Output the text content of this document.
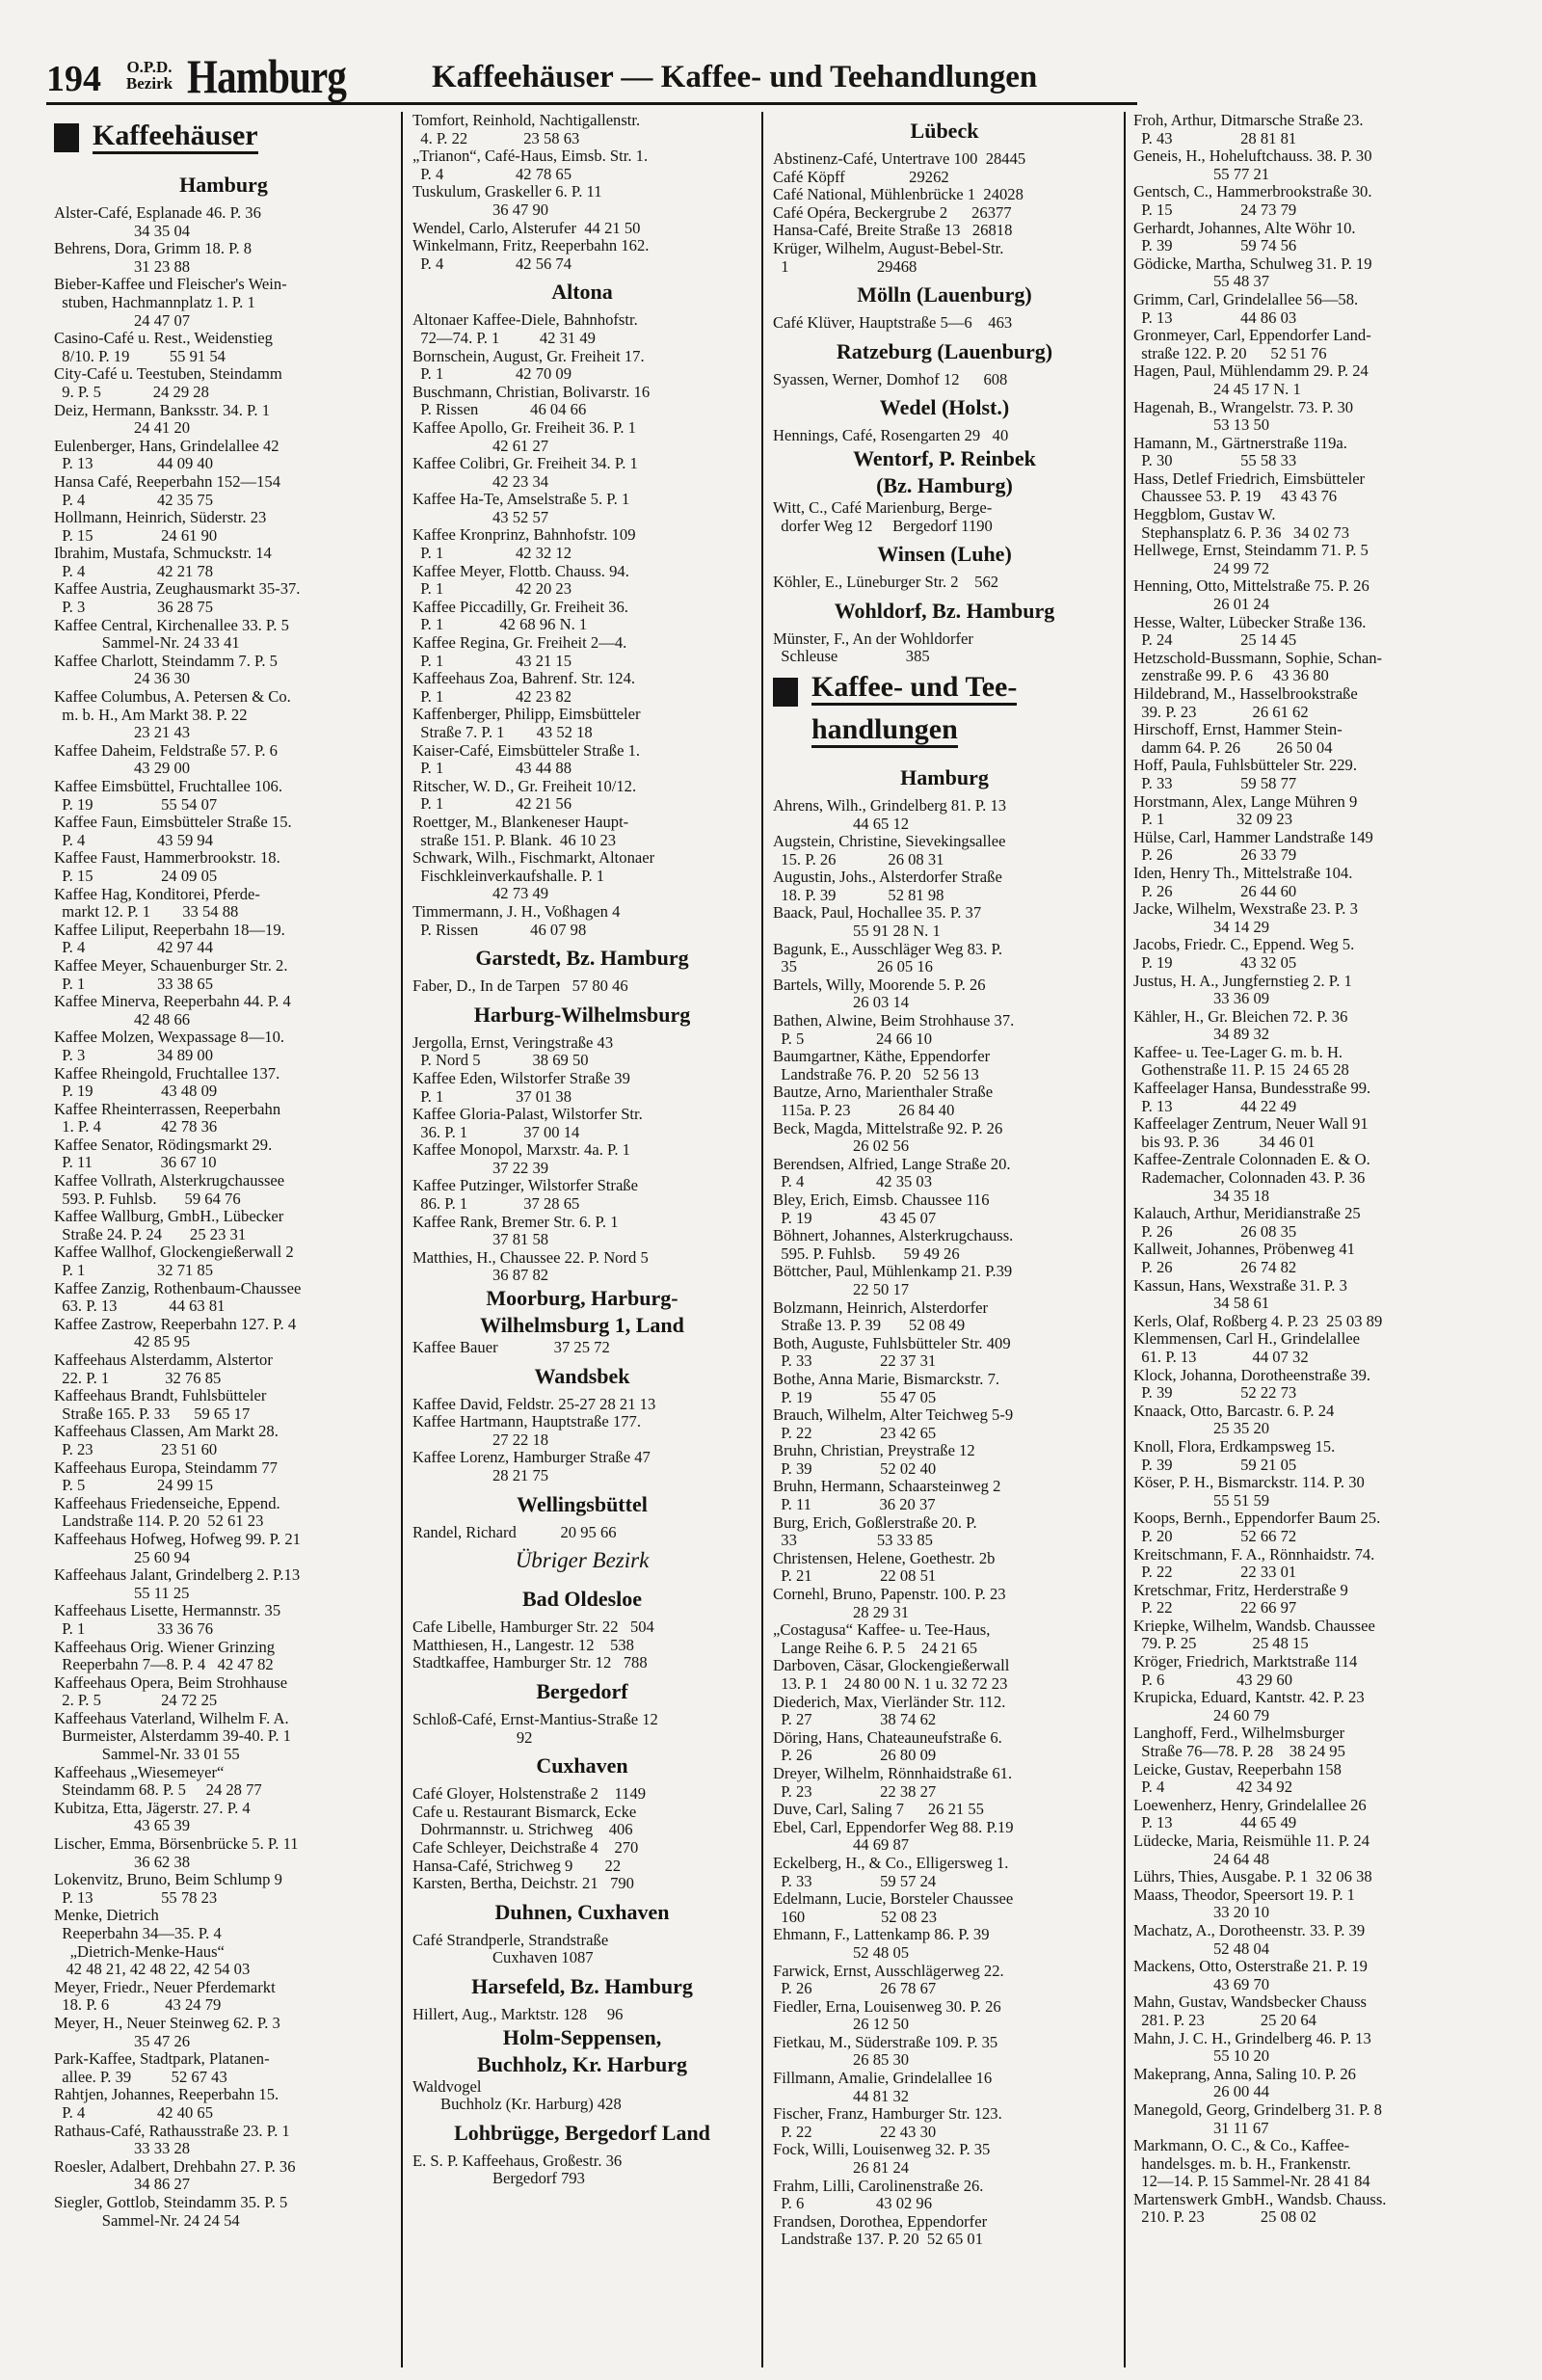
194	O.P.D. Bezirk Hamburg	Kaffeehäuser — Kaffee- und Teehandlungen
Kaffeehäuser
Hamburg
Alster-Café, Esplanade 46. P. 36
34 35 04
Behrens, Dora, Grimm 18. P. 8
31 23 88
Bieber-Kaffee und Fleischer's Wein-
stuben, Hachmannplatz 1. P. 1
24 47 07
Casino-Café u. Rest., Weidenstieg
8/10. P. 19          55 91 54
City-Café u. Teestuben, Steindamm
9. P. 5             24 29 28
Deiz, Hermann, Banksstr. 34. P. 1
24 41 20
Eulenberger, Hans, Grindelallee 42
P. 13                44 09 40
Hansa Café, Reeperbahn 152—154
P. 4                  42 35 75
Hollmann, Heinrich, Süderstr. 23
P. 15                 24 61 90
Ibrahim, Mustafa, Schmuckstr. 14
P. 4                  42 21 78
Kaffee Austria, Zeughausmarkt 35-37.
P. 3                  36 28 75
Kaffee Central, Kirchenallee 33. P. 5
Sammel-Nr. 24 33 41
Kaffee Charlott, Steindamm 7. P. 5
24 36 30
Kaffee Columbus, A. Petersen & Co.
m. b. H., Am Markt 38. P. 22
23 21 43
Kaffee Daheim, Feldstraße 57. P. 6
43 29 00
Kaffee Eimsbüttel, Fruchtallee 106.
P. 19                 55 54 07
Kaffee Faun, Eimsbütteler Straße 15.
P. 4                  43 59 94
Kaffee Faust, Hammerbrookstr. 18.
P. 15                 24 09 05
Kaffee Hag, Konditorei, Pferde-
markt 12. P. 1        33 54 88
Kaffee Liliput, Reeperbahn 18—19.
P. 4                  42 97 44
Kaffee Meyer, Schauenburger Str. 2.
P. 1                  33 38 65
Kaffee Minerva, Reeperbahn 44. P. 4
42 48 66
Kaffee Molzen, Wexpassage 8—10.
P. 3                  34 89 00
Kaffee Rheingold, Fruchtallee 137.
P. 19                 43 48 09
Kaffee Rheinterrassen, Reeperbahn
1. P. 4               42 78 36
Kaffee Senator, Rödingsmarkt 29.
P. 11                 36 67 10
Kaffee Vollrath, Alsterkrugchaussee
593. P. Fuhlsb.       59 64 76
Kaffee Wallburg, GmbH., Lübecker
Straße 24. P. 24       25 23 31
Kaffee Wallhof, Glockengießerwall 2
P. 1                  32 71 85
Kaffee Zanzig, Rothenbaum-Chaussee
63. P. 13             44 63 81
Kaffee Zastrow, Reeperbahn 127. P. 4
42 85 95
Kaffeehaus Alsterdamm, Alstertor
22. P. 1              32 76 85
Kaffeehaus Brandt, Fuhlsbütteler
Straße 165. P. 33      59 65 17
Kaffeehaus Classen, Am Markt 28.
P. 23                 23 51 60
Kaffeehaus Europa, Steindamm 77
P. 5                  24 99 15
Kaffeehaus Friedenseiche, Eppend.
Landstraße 114. P. 20  52 61 23
Kaffeehaus Hofweg, Hofweg 99. P. 21
25 60 94
Kaffeehaus Jalant, Grindelberg 2. P.13
55 11 25
Kaffeehaus Lisette, Hermannstr. 35
P. 1                  33 36 76
Kaffeehaus Orig. Wiener Grinzing
Reeperbahn 7—8. P. 4   42 47 82
Kaffeehaus Opera, Beim Strohhause
2. P. 5               24 72 25
Kaffeehaus Vaterland, Wilhelm F. A.
Burmeister, Alsterdamm 39-40. P. 1
Sammel-Nr. 33 01 55
Kaffeehaus „Wiesemeyer“
Steindamm 68. P. 5     24 28 77
Kubitza, Etta, Jägerstr. 27. P. 4
43 65 39
Lischer, Emma, Börsenbrücke 5. P. 11
36 62 38
Lokenvitz, Bruno, Beim Schlump 9
P. 13                 55 78 23
Menke, Dietrich
Reeperbahn 34—35. P. 4
„Dietrich-Menke-Haus“
42 48 21, 42 48 22, 42 54 03
Meyer, Friedr., Neuer Pferdemarkt
18. P. 6              43 24 79
Meyer, H., Neuer Steinweg 62. P. 3
35 47 26
Park-Kaffee, Stadtpark, Platanen-
allee. P. 39          52 67 43
Rahtjen, Johannes, Reeperbahn 15.
P. 4                  42 40 65
Rathaus-Café, Rathausstraße 23. P. 1
33 33 28
Roesler, Adalbert, Drehbahn 27. P. 36
34 86 27
Siegler, Gottlob, Steindamm 35. P. 5
Sammel-Nr. 24 24 54
Tomfort, Reinhold, Nachtigallenstr.
4. P. 22              23 58 63
„Trianon“, Café-Haus, Eimsb. Str. 1.
P. 4                  42 78 65
Tuskulum, Graskeller 6. P. 11
36 47 90
Wendel, Carlo, Alsterufer  44 21 50
Winkelmann, Fritz, Reeperbahn 162.
P. 4                  42 56 74
Altona
Altonaer Kaffee-Diele, Bahnhofstr.
72—74. P. 1          42 31 49
Bornschein, August, Gr. Freiheit 17.
P. 1                  42 70 09
Buschmann, Christian, Bolivarstr. 16
P. Rissen             46 04 66
Kaffee Apollo, Gr. Freiheit 36. P. 1
42 61 27
Kaffee Colibri, Gr. Freiheit 34. P. 1
42 23 34
Kaffee Ha-Te, Amselstraße 5. P. 1
43 52 57
Kaffee Kronprinz, Bahnhofstr. 109
P. 1                  42 32 12
Kaffee Meyer, Flottb. Chauss. 94.
P. 1                  42 20 23
Kaffee Piccadilly, Gr. Freiheit 36.
P. 1              42 68 96 N. 1
Kaffee Regina, Gr. Freiheit 2—4.
P. 1                  43 21 15
Kaffeehaus Zoa, Bahrenf. Str. 124.
P. 1                  42 23 82
Kaffenberger, Philipp, Eimsbütteler
Straße 7. P. 1        43 52 18
Kaiser-Café, Eimsbütteler Straße 1.
P. 1                  43 44 88
Ritscher, W. D., Gr. Freiheit 10/12.
P. 1                  42 21 56
Roettger, M., Blankeneser Haupt-
straße 151. P. Blank.  46 10 23
Schwark, Wilh., Fischmarkt, Altonaer
Fischkleinverkaufshalle. P. 1
42 73 49
Timmermann, J. H., Voßhagen 4
P. Rissen             46 07 98
Garstedt, Bz. Hamburg
Faber, D., In de Tarpen   57 80 46
Harburg-Wilhelmsburg
Jergolla, Ernst, Veringstraße 43
P. Nord 5             38 69 50
Kaffee Eden, Wilstorfer Straße 39
P. 1                  37 01 38
Kaffee Gloria-Palast, Wilstorfer Str.
36. P. 1              37 00 14
Kaffee Monopol, Marxstr. 4a. P. 1
37 22 39
Kaffee Putzinger, Wilstorfer Straße
86. P. 1              37 28 65
Kaffee Rank, Bremer Str. 6. P. 1
37 81 58
Matthies, H., Chaussee 22. P. Nord 5
36 87 82
Moorburg, Harburg-
Wilhelmsburg 1, Land
Kaffee Bauer              37 25 72
Wandsbek
Kaffee David, Feldstr. 25-27 28 21 13
Kaffee Hartmann, Hauptstraße 177.
27 22 18
Kaffee Lorenz, Hamburger Straße 47
28 21 75
Wellingsbüttel
Randel, Richard           20 95 66
Übriger Bezirk
Bad Oldesloe
Cafe Libelle, Hamburger Str. 22   504
Matthiesen, H., Langestr. 12    538
Stadtkaffee, Hamburger Str. 12   788
Bergedorf
Schloß-Café, Ernst-Mantius-Straße 12
92
Cuxhaven
Café Gloyer, Holstenstraße 2    1149
Cafe u. Restaurant Bismarck, Ecke
Dohrmannstr. u. Strichweg    406
Cafe Schleyer, Deichstraße 4    270
Hansa-Café, Strichweg 9        22
Karsten, Bertha, Deichstr. 21   790
Duhnen, Cuxhaven
Café Strandperle, Strandstraße
Cuxhaven 1087
Harsefeld, Bz. Hamburg
Hillert, Aug., Marktstr. 128     96
Holm-Seppensen,
Buchholz, Kr. Harburg
Waldvogel
Buchholz (Kr. Harburg) 428
Lohbrügge, Bergedorf Land
E. S. P. Kaffeehaus, Großestr. 36
Bergedorf 793
Lübeck
Abstinenz-Café, Untertrave 100  28445
Café Köpff                29262
Café National, Mühlenbrücke 1  24028
Café Opéra, Beckergrube 2      26377
Hansa-Café, Breite Straße 13   26818
Krüger, Wilhelm, August-Bebel-Str.
1                      29468
Mölln (Lauenburg)
Café Klüver, Hauptstraße 5—6    463
Ratzeburg (Lauenburg)
Syassen, Werner, Domhof 12      608
Wedel (Holst.)
Hennings, Café, Rosengarten 29   40
Wentorf, P. Reinbek
(Bz. Hamburg)
Witt, C., Café Marienburg, Berge-
dorfer Weg 12     Bergedorf 1190
Winsen (Luhe)
Köhler, E., Lüneburger Str. 2    562
Wohldorf, Bz. Hamburg
Münster, F., An der Wohldorfer
Schleuse                 385
Kaffee- und Tee-
handlungen
Hamburg
Ahrens, Wilh., Grindelberg 81. P. 13
44 65 12
Augstein, Christine, Sievekingsallee
15. P. 26             26 08 31
Augustin, Johs., Alsterdorfer Straße
18. P. 39             52 81 98
Baack, Paul, Hochallee 35. P. 37
55 91 28 N. 1
Bagunk, E., Ausschläger Weg 83. P.
35                    26 05 16
Bartels, Willy, Moorende 5. P. 26
26 03 14
Bathen, Alwine, Beim Strohhause 37.
P. 5                  24 66 10
Baumgartner, Käthe, Eppendorfer
Landstraße 76. P. 20   52 56 13
Bautze, Arno, Marienthaler Straße
115a. P. 23            26 84 40
Beck, Magda, Mittelstraße 92. P. 26
26 02 56
Berendsen, Alfried, Lange Straße 20.
P. 4                  42 35 03
Bley, Erich, Eimsb. Chaussee 116
P. 19                 43 45 07
Böhnert, Johannes, Alsterkrugchauss.
595. P. Fuhlsb.       59 49 26
Böttcher, Paul, Mühlenkamp 21. P.39
22 50 17
Bolzmann, Heinrich, Alsterdorfer
Straße 13. P. 39       52 08 49
Both, Auguste, Fuhlsbütteler Str. 409
P. 33                 22 37 31
Bothe, Anna Marie, Bismarckstr. 7.
P. 19                 55 47 05
Brauch, Wilhelm, Alter Teichweg 5-9
P. 22                 23 42 65
Bruhn, Christian, Preystraße 12
P. 39                 52 02 40
Bruhn, Hermann, Schaarsteinweg 2
P. 11                 36 20 37
Burg, Erich, Goßlerstraße 20. P.
33                    53 33 85
Christensen, Helene, Goethestr. 2b
P. 21                 22 08 51
Cornehl, Bruno, Papenstr. 100. P. 23
28 29 31
„Costagusa“ Kaffee- u. Tee-Haus,
Lange Reihe 6. P. 5    24 21 65
Darboven, Cäsar, Glockengießerwall
13. P. 1    24 80 00 N. 1 u. 32 72 23
Diederich, Max, Vierländer Str. 112.
P. 27                 38 74 62
Döring, Hans, Chateauneufstraße 6.
P. 26                 26 80 09
Dreyer, Wilhelm, Rönnhaidstraße 61.
P. 23                 22 38 27
Duve, Carl, Saling 7      26 21 55
Ebel, Carl, Eppendorfer Weg 88. P.19
44 69 87
Eckelberg, H., & Co., Elligersweg 1.
P. 33                 59 57 24
Edelmann, Lucie, Borsteler Chaussee
160                   52 08 23
Ehmann, F., Lattenkamp 86. P. 39
52 48 05
Farwick, Ernst, Ausschlägerweg 22.
P. 26                 26 78 67
Fiedler, Erna, Louisenweg 30. P. 26
26 12 50
Fietkau, M., Süderstraße 109. P. 35
26 85 30
Fillmann, Amalie, Grindelallee 16
44 81 32
Fischer, Franz, Hamburger Str. 123.
P. 22                 22 43 30
Fock, Willi, Louisenweg 32. P. 35
26 81 24
Frahm, Lilli, Carolinenstraße 26.
P. 6                  43 02 96
Frandsen, Dorothea, Eppendorfer
Landstraße 137. P. 20  52 65 01
Froh, Arthur, Ditmarsche Straße 23.
P. 43                 28 81 81
Geneis, H., Hoheluftchauss. 38. P. 30
55 77 21
Gentsch, C., Hammerbrookstraße 30.
P. 15                 24 73 79
Gerhardt, Johannes, Alte Wöhr 10.
P. 39                 59 74 56
Gödicke, Martha, Schulweg 31. P. 19
55 48 37
Grimm, Carl, Grindelallee 56—58.
P. 13                 44 86 03
Gronmeyer, Carl, Eppendorfer Land-
straße 122. P. 20      52 51 76
Hagen, Paul, Mühlendamm 29. P. 24
24 45 17 N. 1
Hagenah, B., Wrangelstr. 73. P. 30
53 13 50
Hamann, M., Gärtnerstraße 119a.
P. 30                 55 58 33
Hass, Detlef Friedrich, Eimsbütteler
Chaussee 53. P. 19     43 43 76
Heggblom, Gustav W.
Stephansplatz 6. P. 36   34 02 73
Hellwege, Ernst, Steindamm 71. P. 5
24 99 72
Henning, Otto, Mittelstraße 75. P. 26
26 01 24
Hesse, Walter, Lübecker Straße 136.
P. 24                 25 14 45
Hetzschold-Bussmann, Sophie, Schan-
zenstraße 99. P. 6     43 36 80
Hildebrand, M., Hasselbrookstraße
39. P. 23              26 61 62
Hirschoff, Ernst, Hammer Stein-
damm 64. P. 26         26 50 04
Hoff, Paula, Fuhlsbütteler Str. 229.
P. 33                 59 58 77
Horstmann, Alex, Lange Mühren 9
P. 1                  32 09 23
Hülse, Carl, Hammer Landstraße 149
P. 26                 26 33 79
Iden, Henry Th., Mittelstraße 104.
P. 26                 26 44 60
Jacke, Wilhelm, Wexstraße 23. P. 3
34 14 29
Jacobs, Friedr. C., Eppend. Weg 5.
P. 19                 43 32 05
Justus, H. A., Jungfernstieg 2. P. 1
33 36 09
Kähler, H., Gr. Bleichen 72. P. 36
34 89 32
Kaffee- u. Tee-Lager G. m. b. H.
Gothenstraße 11. P. 15  24 65 28
Kaffeelager Hansa, Bundesstraße 99.
P. 13                 44 22 49
Kaffeelager Zentrum, Neuer Wall 91
bis 93. P. 36          34 46 01
Kaffee-Zentrale Colonnaden E. & O.
Rademacher, Colonnaden 43. P. 36
34 35 18
Kalauch, Arthur, Meridianstraße 25
P. 26                 26 08 35
Kallweit, Johannes, Pröbenweg 41
P. 26                 26 74 82
Kassun, Hans, Wexstraße 31. P. 3
34 58 61
Kerls, Olaf, Roßberg 4. P. 23  25 03 89
Klemmensen, Carl H., Grindelallee
61. P. 13              44 07 32
Klock, Johanna, Dorotheenstraße 39.
P. 39                 52 22 73
Knaack, Otto, Barcastr. 6. P. 24
25 35 20
Knoll, Flora, Erdkampsweg 15.
P. 39                 59 21 05
Köser, P. H., Bismarckstr. 114. P. 30
55 51 59
Koops, Bernh., Eppendorfer Baum 25.
P. 20                 52 66 72
Kreitschmann, F. A., Rönnhaidstr. 74.
P. 22                 22 33 01
Kretschmar, Fritz, Herderstraße 9
P. 22                 22 66 97
Kriepke, Wilhelm, Wandsb. Chaussee
79. P. 25              25 48 15
Kröger, Friedrich, Marktstraße 114
P. 6                  43 29 60
Krupicka, Eduard, Kantstr. 42. P. 23
24 60 79
Langhoff, Ferd., Wilhelmsburger
Straße 76—78. P. 28    38 24 95
Leicke, Gustav, Reeperbahn 158
P. 4                  42 34 92
Loewenherz, Henry, Grindelallee 26
P. 13                 44 65 49
Lüdecke, Maria, Reismühle 11. P. 24
24 64 48
Lührs, Thies, Ausgabe. P. 1  32 06 38
Maass, Theodor, Speersort 19. P. 1
33 20 10
Machatz, A., Dorotheenstr. 33. P. 39
52 48 04
Mackens, Otto, Osterstraße 21. P. 19
43 69 70
Mahn, Gustav, Wandsbecker Chauss
281. P. 23              25 20 64
Mahn, J. C. H., Grindelberg 46. P. 13
55 10 20
Makeprang, Anna, Saling 10. P. 26
26 00 44
Manegold, Georg, Grindelberg 31. P. 8
31 11 67
Markmann, O. C., & Co., Kaffee-
handelsges. m. b. H., Frankenstr.
12—14. P. 15 Sammel-Nr. 28 41 84
Martenswerk GmbH., Wandsb. Chauss.
210. P. 23              25 08 02
